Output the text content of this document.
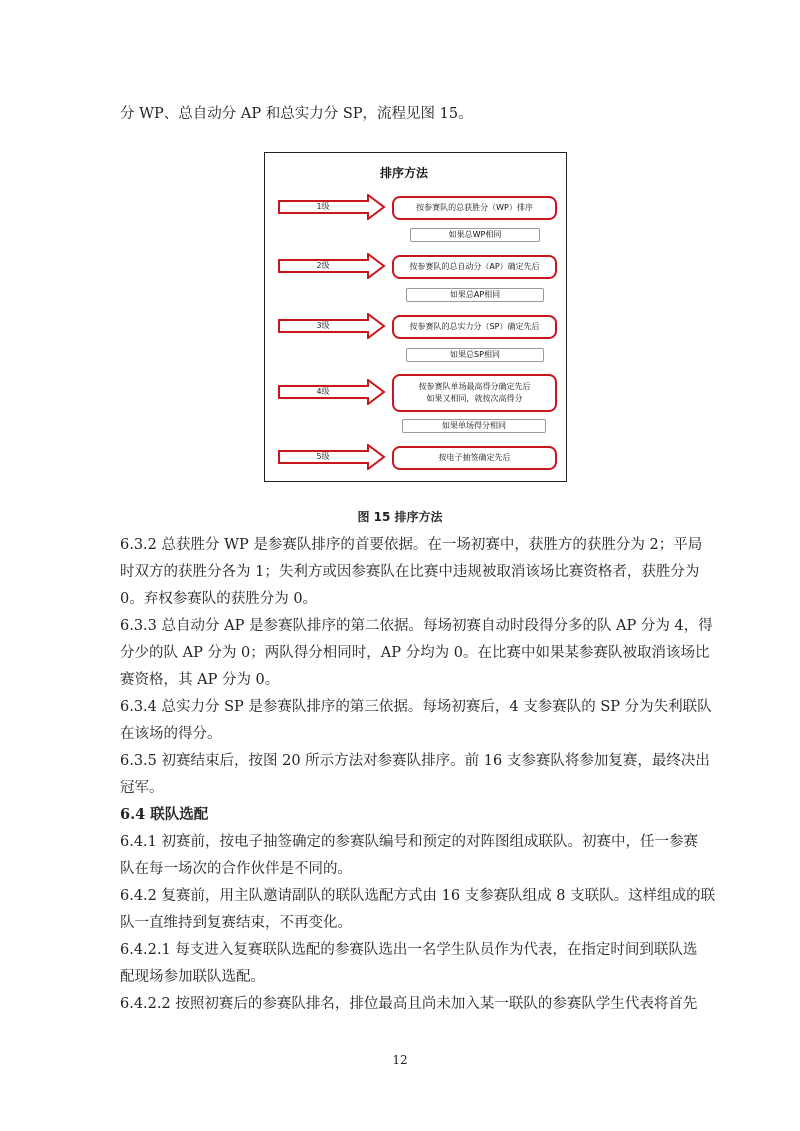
分 WP、总自动分 AP 和总实力分 SP，流程见图 15。
排序方法
1级
2级
3级
4级
5级
按参赛队的总获胜分（WP）排序
按参赛队的总自动分（AP）确定先后
按参赛队的总实力分（SP）确定先后
按参赛队单场最高得分确定先后
如果又相同，就按次高得分
按电子抽签确定先后
如果总WP相同
如果总AP相同
如果总SP相同
如果单场得分相同
图 15 排序方法
6.3.2 总获胜分 WP 是参赛队排序的首要依据。在一场初赛中，获胜方的获胜分为 2；平局
时双方的获胜分各为 1；失利方或因参赛队在比赛中违规被取消该场比赛资格者，获胜分为
0。弃权参赛队的获胜分为 0。
6.3.3 总自动分 AP 是参赛队排序的第二依据。每场初赛自动时段得分多的队 AP 分为 4，得
分少的队 AP 分为 0；两队得分相同时，AP 分均为 0。在比赛中如果某参赛队被取消该场比
赛资格，其 AP 分为 0。
6.3.4 总实力分 SP 是参赛队排序的第三依据。每场初赛后，4 支参赛队的 SP 分为失利联队
在该场的得分。
6.3.5 初赛结束后，按图 20 所示方法对参赛队排序。前 16 支参赛队将参加复赛，最终决出
冠军。
6.4 联队选配
6.4.1 初赛前，按电子抽签确定的参赛队编号和预定的对阵图组成联队。初赛中，任一参赛
队在每一场次的合作伙伴是不同的。
6.4.2 复赛前，用主队邀请副队的联队选配方式由 16 支参赛队组成 8 支联队。这样组成的联
队一直维持到复赛结束，不再变化。
6.4.2.1 每支进入复赛联队选配的参赛队选出一名学生队员作为代表，在指定时间到联队选
配现场参加联队选配。
6.4.2.2 按照初赛后的参赛队排名，排位最高且尚未加入某一联队的参赛队学生代表将首先
12
